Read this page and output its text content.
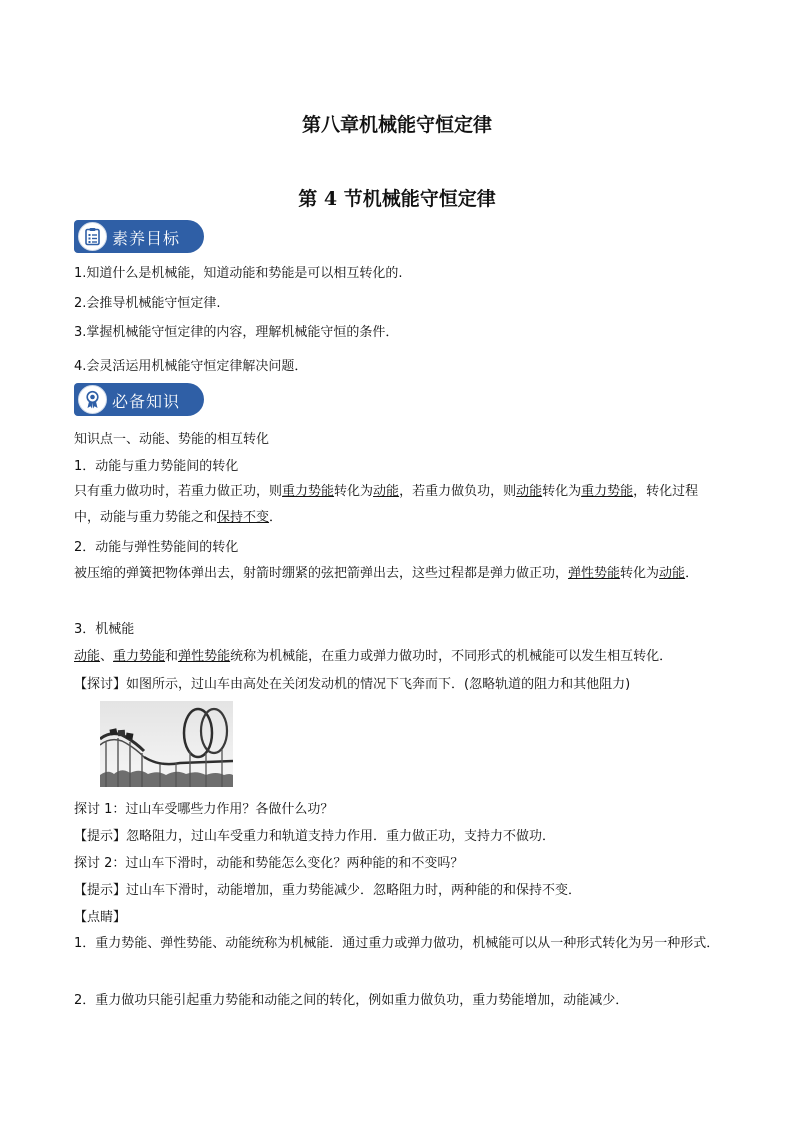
第八章机械能守恒定律
第 4 节机械能守恒定律
素养目标

1.知道什么是机械能，知道动能和势能是可以相互转化的.

2.会推导机械能守恒定律.

3.掌握机械能守恒定律的内容，理解机械能守恒的条件．

4.会灵活运用机械能守恒定律解决问题．

必备知识

知识点一、动能、势能的相互转化

1．动能与重力势能间的转化

只有重力做功时，若重力做正功，则重力势能转化为动能，若重力做负功，则动能转化为重力势能，转化过程中，动能与重力势能之和保持不变．

2．动能与弹性势能间的转化

被压缩的弹簧把物体弹出去，射箭时绷紧的弦把箭弹出去，这些过程都是弹力做正功，弹性势能转化为动能．

3．机械能

动能、重力势能和弹性势能统称为机械能，在重力或弹力做功时，不同形式的机械能可以发生相互转化．

【探讨】如图所示，过山车由高处在关闭发动机的情况下飞奔而下．(忽略轨道的阻力和其他阻力)

探讨 1：过山车受哪些力作用？各做什么功？

【提示】忽略阻力，过山车受重力和轨道支持力作用．重力做正功，支持力不做功．

探讨 2：过山车下滑时，动能和势能怎么变化？两种能的和不变吗？

【提示】过山车下滑时，动能增加，重力势能减少．忽略阻力时，两种能的和保持不变．

【点睛】

1．重力势能、弹性势能、动能统称为机械能．通过重力或弹力做功，机械能可以从一种形式转化为另一种形式．

2．重力做功只能引起重力势能和动能之间的转化，例如重力做负功，重力势能增加，动能减少．
